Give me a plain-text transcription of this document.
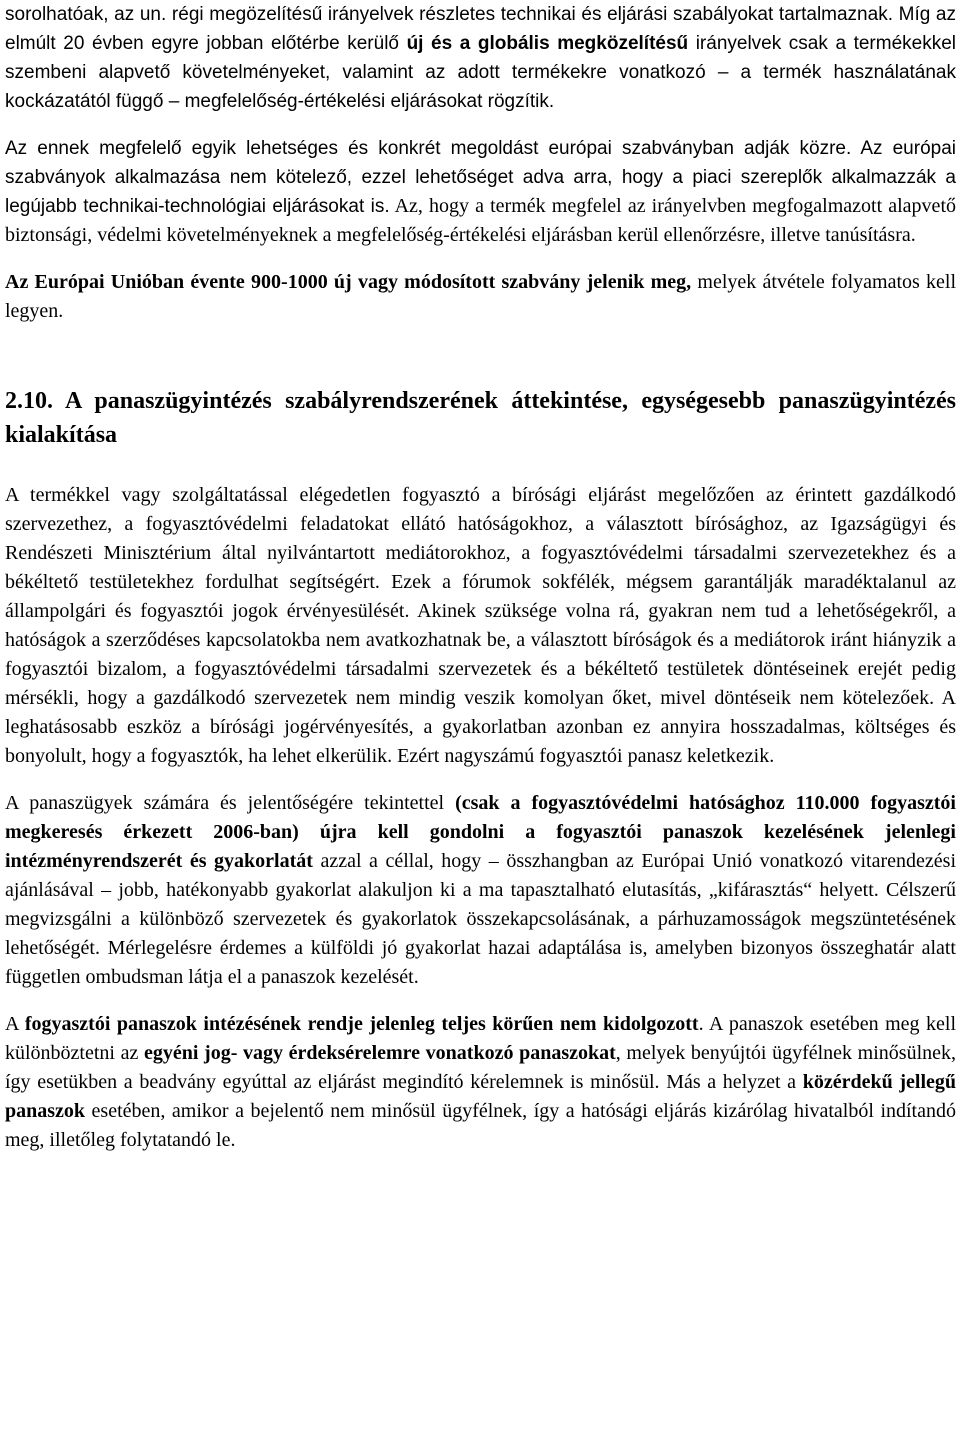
sorolhatóak, az un. régi megözelítésű irányelvek részletes technikai és eljárási szabályokat tartalmaznak. Míg az elmúlt 20 évben egyre jobban előtérbe kerülő új és a globális megközelítésű irányelvek csak a termékekkel szembeni alapvető követelményeket, valamint az adott termékekre vonatkozó – a termék használatának kockázatától függő – megfelelőség-értékelési eljárásokat rögzítik.

Az ennek megfelelő egyik lehetséges és konkrét megoldást európai szabványban adják közre. Az európai szabványok alkalmazása nem kötelező, ezzel lehetőséget adva arra, hogy a piaci szereplők alkalmazzák a legújabb technikai-technológiai eljárásokat is. Az, hogy a termék megfelel az irányelvben megfogalmazott alapvető biztonsági, védelmi követelményeknek a megfelelőség-értékelési eljárásban kerül ellenőrzésre, illetve tanúsításra.

Az Európai Unióban évente 900-1000 új vagy módosított szabvány jelenik meg, melyek átvétele folyamatos kell legyen.

2.10. A panaszügyintézés szabályrendszerének áttekintése, egységesebb panaszügyintézés kialakítása

A termékkel vagy szolgáltatással elégedetlen fogyasztó a bírósági eljárást megelőzően az érintett gazdálkodó szervezethez, a fogyasztóvédelmi feladatokat ellátó hatóságokhoz, a választott bírósághoz, az Igazságügyi és Rendészeti Minisztérium által nyilvántartott mediátorokhoz, a fogyasztóvédelmi társadalmi szervezetekhez és a békéltető testületekhez fordulhat segítségért. Ezek a fórumok sokfélék, mégsem garantálják maradéktalanul az állampolgári és fogyasztói jogok érvényesülését. Akinek szüksége volna rá, gyakran nem tud a lehetőségekről, a hatóságok a szerződéses kapcsolatokba nem avatkozhatnak be, a választott bíróságok és a mediátorok iránt hiányzik a fogyasztói bizalom, a fogyasztóvédelmi társadalmi szervezetek és a békéltető testületek döntéseinek erejét pedig mérsékli, hogy a gazdálkodó szervezetek nem mindig veszik komolyan őket, mivel döntéseik nem kötelezőek. A leghatásosabb eszköz a bírósági jogérvényesítés, a gyakorlatban azonban ez annyira hosszadalmas, költséges és bonyolult, hogy a fogyasztók, ha lehet elkerülik. Ezért nagyszámú fogyasztói panasz keletkezik.

A panaszügyek számára és jelentőségére tekintettel (csak a fogyasztóvédelmi hatósághoz 110.000 fogyasztói megkeresés érkezett 2006-ban) újra kell gondolni a fogyasztói panaszok kezelésének jelenlegi intézményrendszerét és gyakorlatát azzal a céllal, hogy – összhangban az Európai Unió vonatkozó vitarendezési ajánlásával – jobb, hatékonyabb gyakorlat alakuljon ki a ma tapasztalható elutasítás, „kifárasztás“ helyett. Célszerű megvizsgálni a különböző szervezetek és gyakorlatok összekapcsolásának, a párhuzamosságok megszüntetésének lehetőségét. Mérlegelésre érdemes a külföldi jó gyakorlat hazai adaptálása is, amelyben bizonyos összeghatár alatt független ombudsman látja el a panaszok kezelését.

A fogyasztói panaszok intézésének rendje jelenleg teljes körűen nem kidolgozott. A panaszok esetében meg kell különböztetni az egyéni jog- vagy érdeksérelemre vonatkozó panaszokat, melyek benyújtói ügyfélnek minősülnek, így esetükben a beadvány egyúttal az eljárást megindító kérelemnek is minősül. Más a helyzet a közérdekű jellegű panaszok esetében, amikor a bejelentő nem minősül ügyfélnek, így a hatósági eljárás kizárólag hivatalból indítandó meg, illetőleg folytatandó le.
